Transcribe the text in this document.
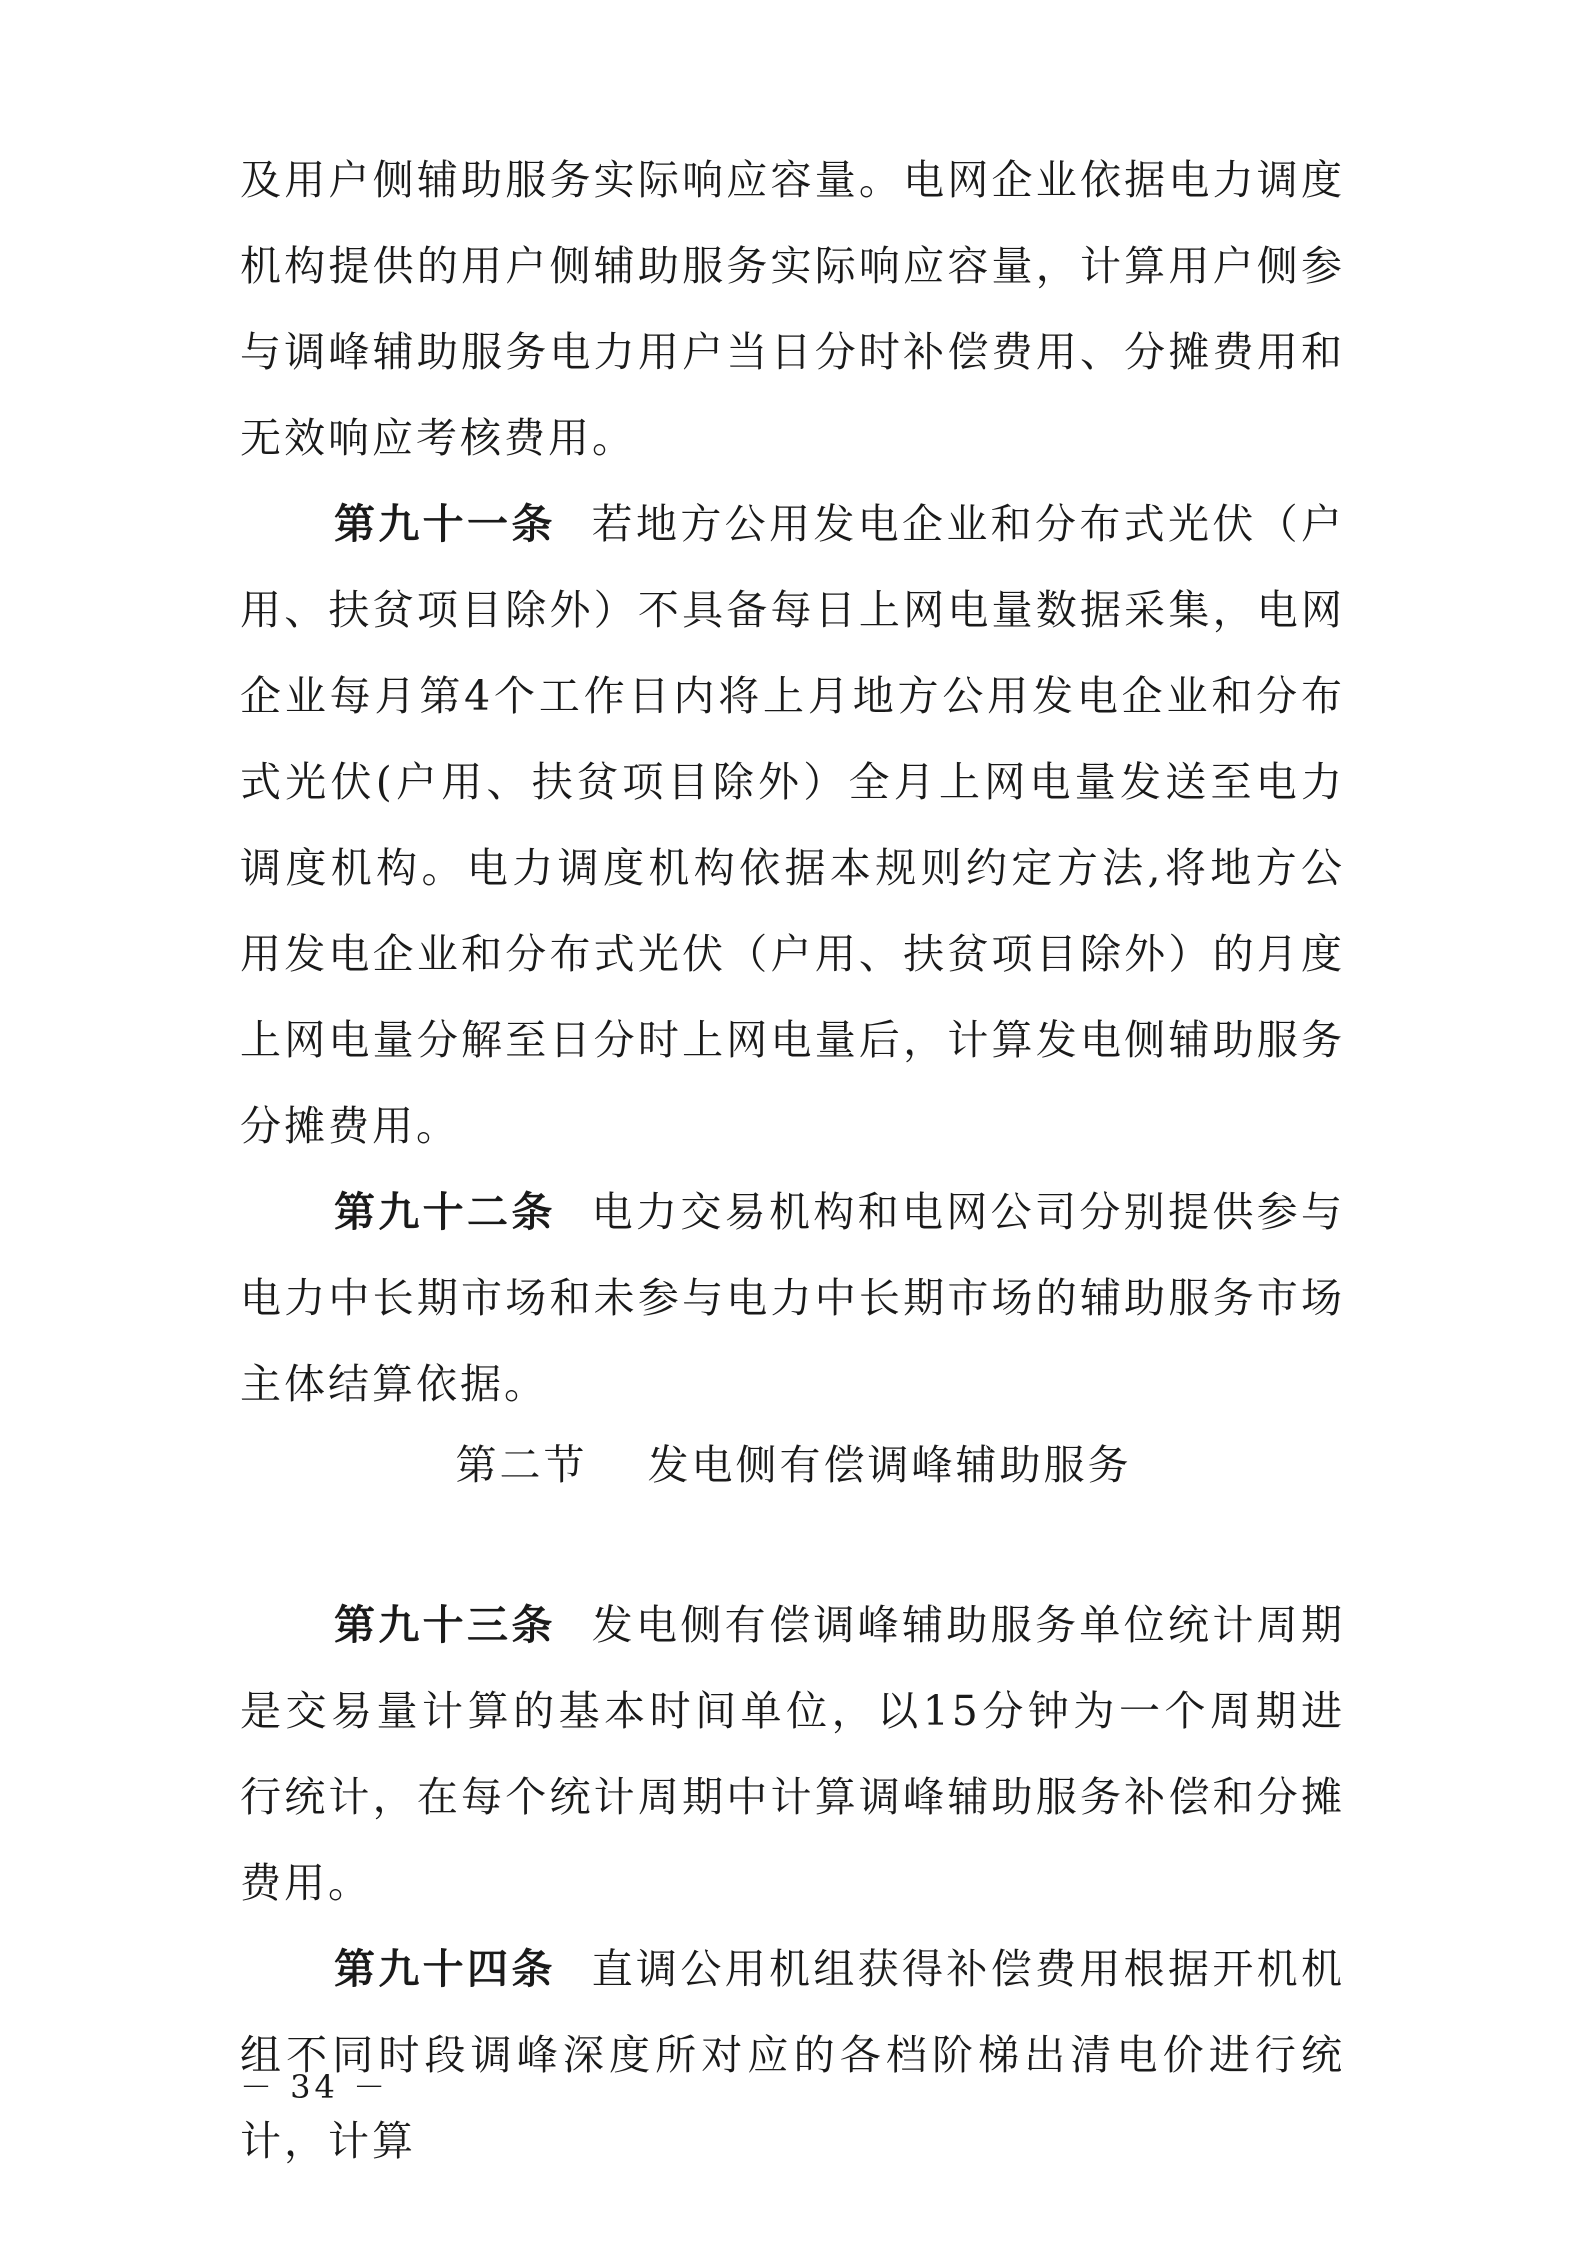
及用户侧辅助服务实际响应容量。电网企业依据电力调度机构提供的用户侧辅助服务实际响应容量，计算用户侧参与调峰辅助服务电力用户当日分时补偿费用、分摊费用和无效响应考核费用。

第九十一条 若地方公用发电企业和分布式光伏（户用、扶贫项目除外）不具备每日上网电量数据采集，电网企业每月第4个工作日内将上月地方公用发电企业和分布式光伏(户用、扶贫项目除外）全月上网电量发送至电力调度机构。电力调度机构依据本规则约定方法,将地方公用发电企业和分布式光伏（户用、扶贫项目除外）的月度上网电量分解至日分时上网电量后，计算发电侧辅助服务分摊费用。

第九十二条 电力交易机构和电网公司分别提供参与电力中长期市场和未参与电力中长期市场的辅助服务市场主体结算依据。

第二节 发电侧有偿调峰辅助服务

第九十三条 发电侧有偿调峰辅助服务单位统计周期是交易量计算的基本时间单位，以15分钟为一个周期进行统计，在每个统计周期中计算调峰辅助服务补偿和分摊费用。

第九十四条 直调公用机组获得补偿费用根据开机机组不同时段调峰深度所对应的各档阶梯出清电价进行统计，计算

－ 34 －
